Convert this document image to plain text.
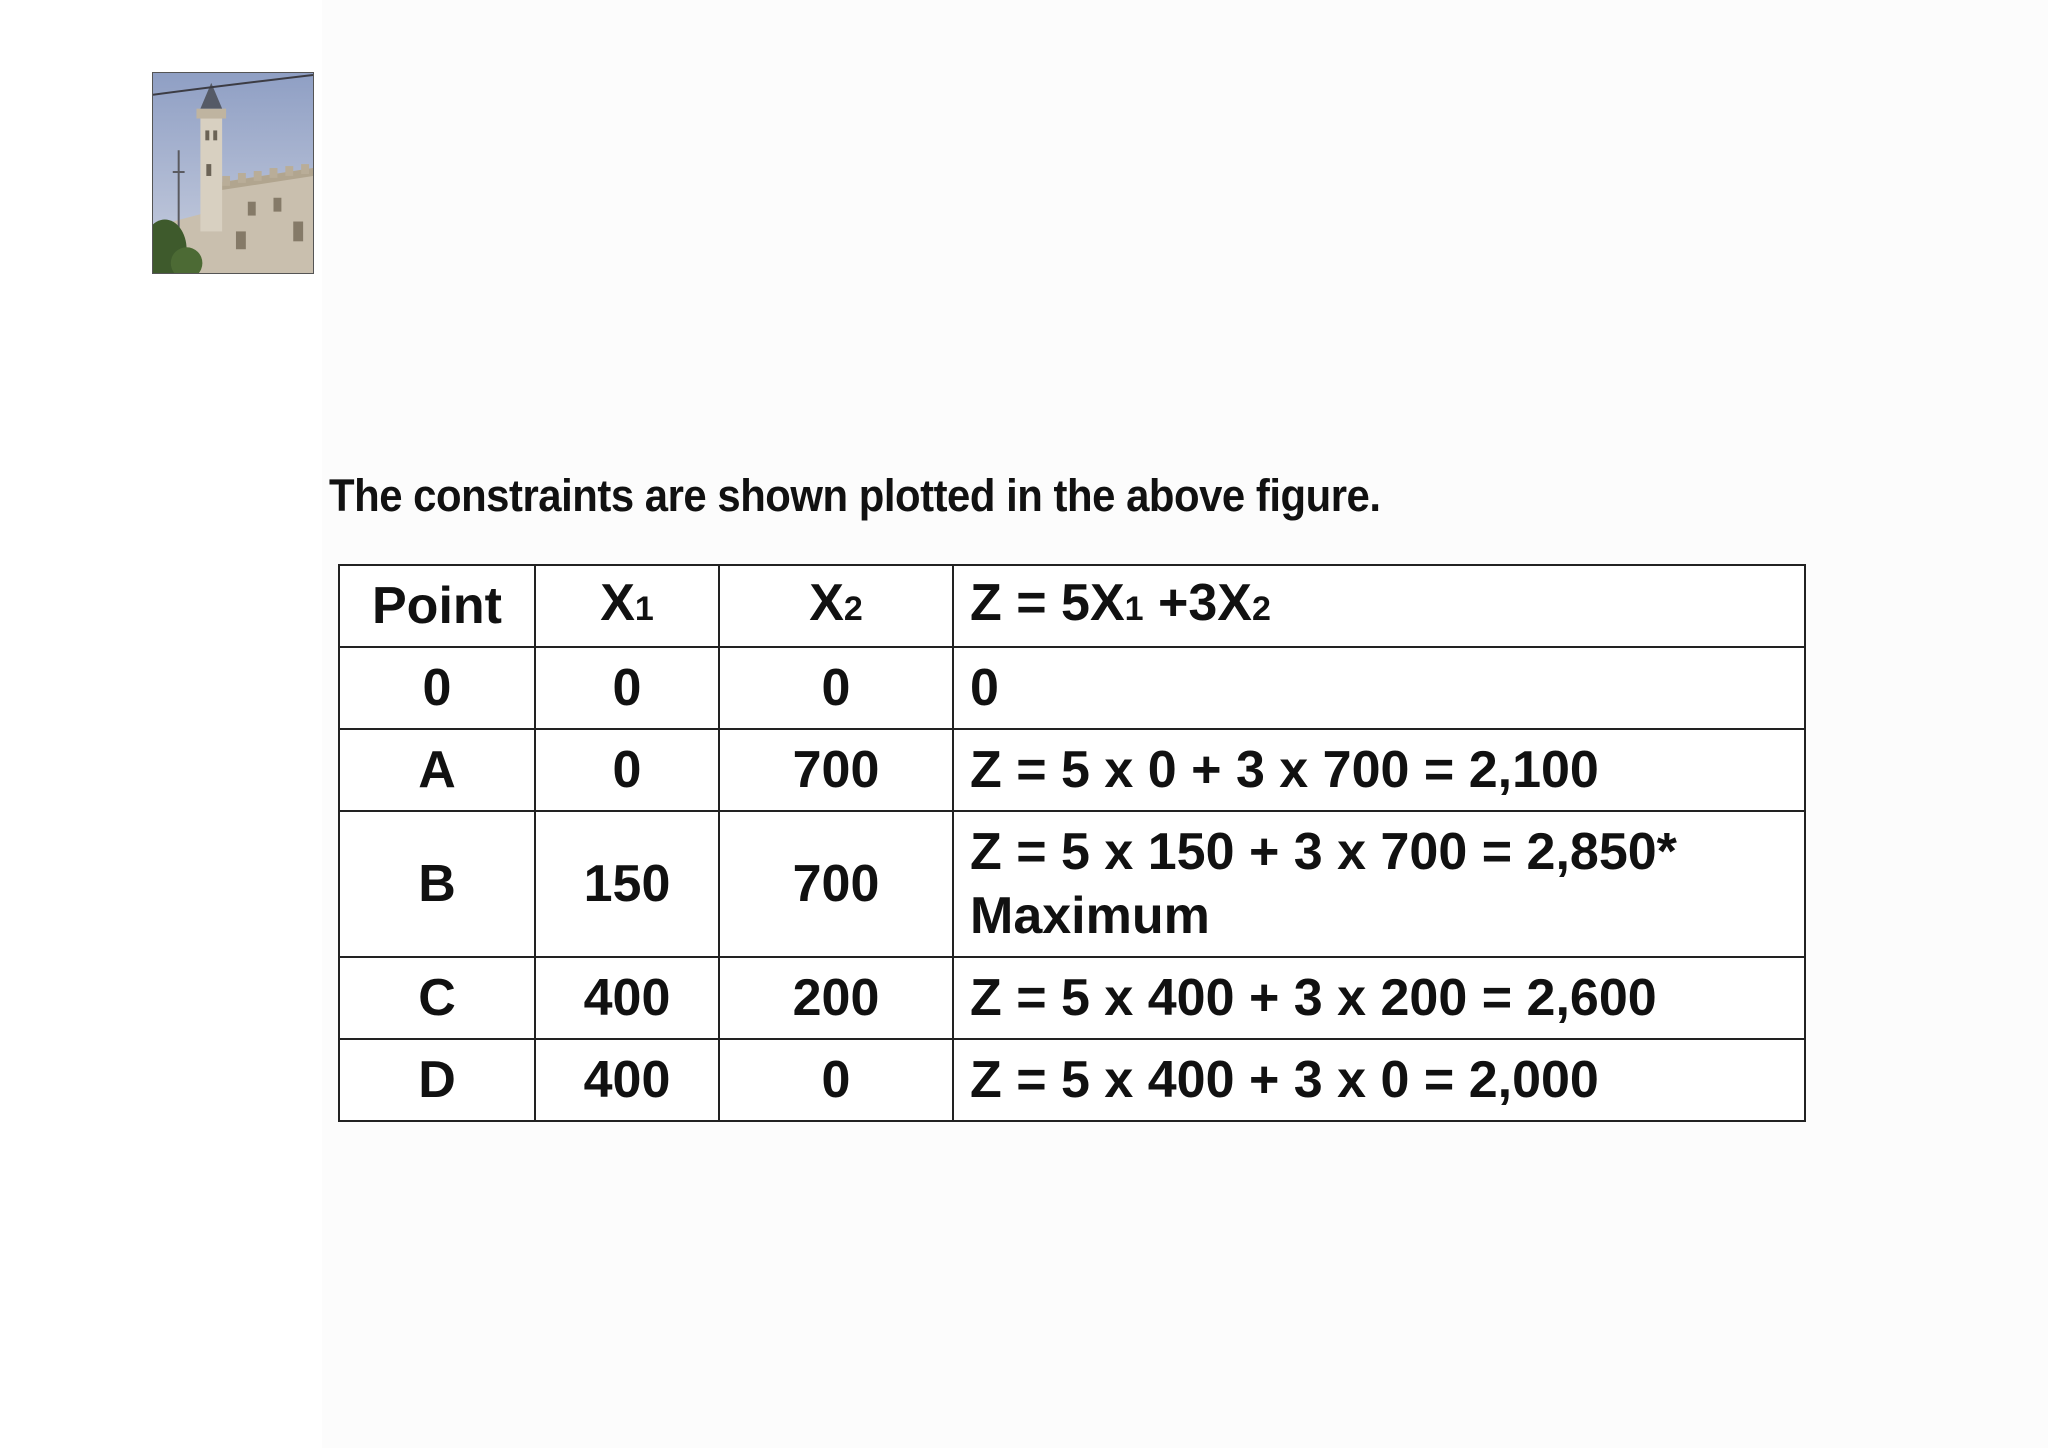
The constraints are shown plotted in the above figure.

Point	X1	X2	Z = 5X1 +3X2
0	0	0	0
A	0	700	Z = 5 x 0 + 3 x 700 = 2,100
B	150	700	Z = 5 x 150 + 3 x 700 = 2,850*
Maximum

C	400	200	Z = 5 x 400 + 3 x 200 = 2,600
D	400	0	Z = 5 x 400 + 3 x 0 = 2,000
